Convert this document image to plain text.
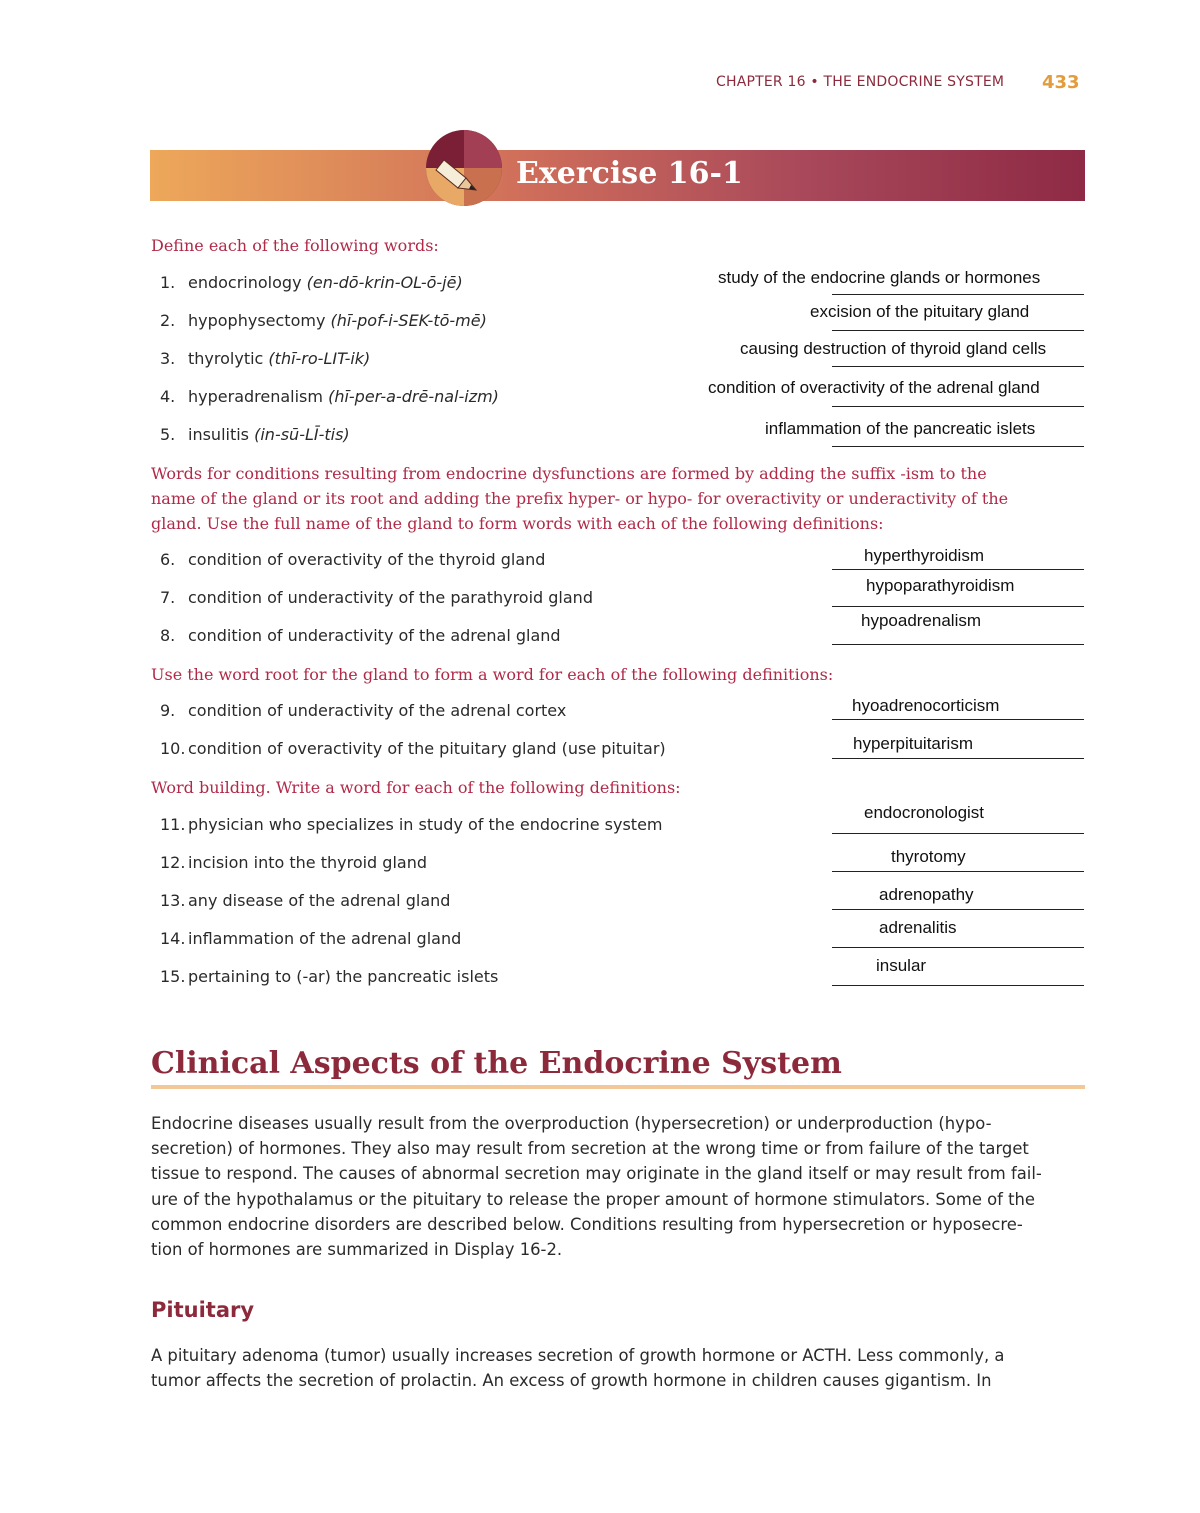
CHAPTER 16 • THE ENDOCRINE SYSTEM 433
Exercise 16-1
Define each of the following words:
1. endocrinology (en-dō-krin-OL-ō-jē)
2. hypophysectomy (hī-pof-i-SEK-tō-mē)
3. thyrolytic (thī-ro-LIT-ik)
4. hyperadrenalism (hī-per-a-drē-nal-izm)
5. insulitis (in-sū-LĪ-tis)
study of the endocrine glands or hormones
excision of the pituitary gland
causing destruction of thyroid gland cells
condition of overactivity of the adrenal gland
inflammation of the pancreatic islets
Words for conditions resulting from endocrine dysfunctions are formed by adding the suffix -ism to the
name of the gland or its root and adding the prefix hyper- or hypo- for overactivity or underactivity of the
gland. Use the full name of the gland to form words with each of the following definitions:
6. condition of overactivity of the thyroid gland
7. condition of underactivity of the parathyroid gland
8. condition of underactivity of the adrenal gland
hyperthyroidism
hypoparathyroidism
hypoadrenalism
Use the word root for the gland to form a word for each of the following definitions:
9. condition of underactivity of the adrenal cortex
10. condition of overactivity of the pituitary gland (use pituitar)
hyoadrenocorticism
hyperpituitarism
Word building. Write a word for each of the following definitions:
11. physician who specializes in study of the endocrine system
12. incision into the thyroid gland
13. any disease of the adrenal gland
14. inflammation of the adrenal gland
15. pertaining to (-ar) the pancreatic islets
endocronologist
thyrotomy
adrenopathy
adrenalitis
insular
Clinical Aspects of the Endocrine System
Endocrine diseases usually result from the overproduction (hypersecretion) or underproduction (hypo-
secretion) of hormones. They also may result from secretion at the wrong time or from failure of the target
tissue to respond. The causes of abnormal secretion may originate in the gland itself or may result from fail-
ure of the hypothalamus or the pituitary to release the proper amount of hormone stimulators. Some of the
common endocrine disorders are described below. Conditions resulting from hypersecretion or hyposecre-
tion of hormones are summarized in Display 16-2.
Pituitary
A pituitary adenoma (tumor) usually increases secretion of growth hormone or ACTH. Less commonly, a
tumor affects the secretion of prolactin. An excess of growth hormone in children causes gigantism. In
